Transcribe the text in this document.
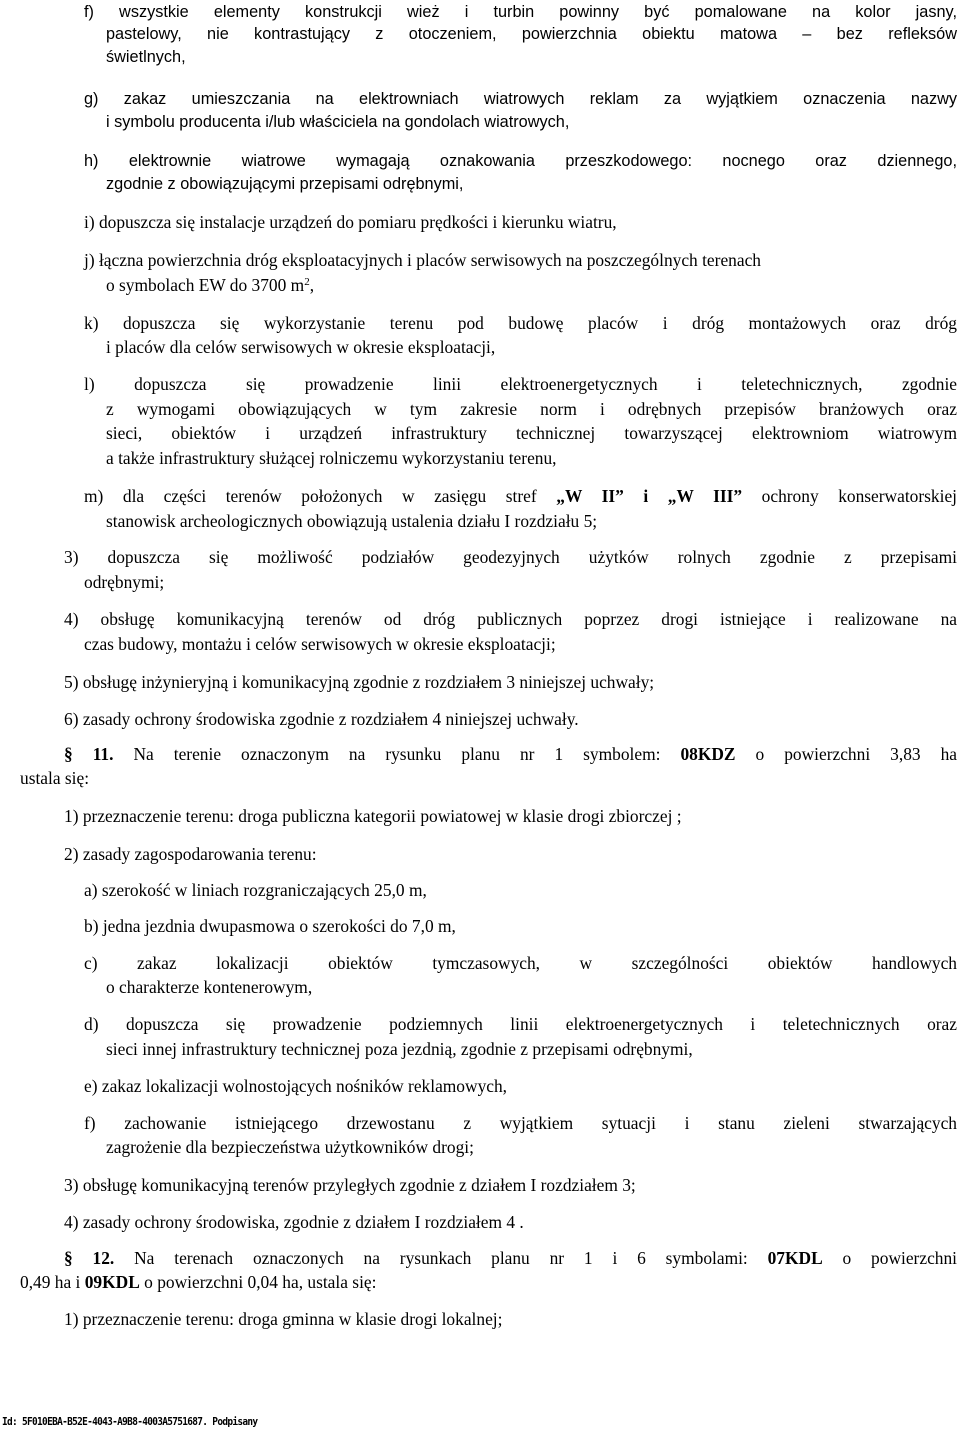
f) wszystkie elementy konstrukcji wież i turbin powinny być pomalowane na kolor jasny,
pastelowy, nie kontrastujący z otoczeniem, powierzchnia obiektu matowa – bez refleksów
świetlnych,
g) zakaz umieszczania na elektrowniach wiatrowych reklam za wyjątkiem oznaczenia nazwy
i symbolu producenta i/lub właściciela na gondolach wiatrowych,
h) elektrownie wiatrowe wymagają oznakowania przeszkodowego: nocnego oraz dziennego,
zgodnie z obowiązującymi przepisami odrębnymi,
i) dopuszcza się instalacje urządzeń do pomiaru prędkości i kierunku wiatru,
j) łączna powierzchnia dróg eksploatacyjnych i placów serwisowych na poszczególnych terenach
o symbolach EW do 3700 $m^2$,
k) dopuszcza się wykorzystanie terenu pod budowę placów i dróg montażowych oraz dróg
i placów dla celów serwisowych w okresie eksploatacji,
l) dopuszcza się prowadzenie linii elektroenergetycznych i teletechnicznych, zgodnie
z wymogami obowiązujących w tym zakresie norm i odrębnych przepisów branżowych oraz
sieci, obiektów i urządzeń infrastruktury technicznej towarzyszącej elektrowniom wiatrowym
a także infrastruktury służącej rolniczemu wykorzystaniu terenu,
m) dla części terenów położonych w zasięgu stref „W II” i „W III” ochrony konserwatorskiej
stanowisk archeologicznych obowiązują ustalenia działu I rozdziału 5;
3) dopuszcza się możliwość podziałów geodezyjnych użytków rolnych zgodnie z przepisami
odrębnymi;
4) obsługę komunikacyjną terenów od dróg publicznych poprzez drogi istniejące i realizowane na
czas budowy, montażu i celów serwisowych w okresie eksploatacji;
5) obsługę inżynieryjną i komunikacyjną zgodnie z rozdziałem 3 niniejszej uchwały;
6) zasady ochrony środowiska zgodnie z rozdziałem 4 niniejszej uchwały.
§ 11. Na terenie oznaczonym na rysunku planu nr 1 symbolem: 08KDZ o powierzchni 3,83 ha
ustala się:
1) przeznaczenie terenu: droga publiczna kategorii powiatowej w klasie drogi zbiorczej ;
2) zasady zagospodarowania terenu:
a) szerokość w liniach rozgraniczających 25,0 m,
b) jedna jezdnia dwupasmowa o szerokości do 7,0 m,
c) zakaz lokalizacji obiektów tymczasowych, w szczególności obiektów handlowych
o charakterze kontenerowym,
d) dopuszcza się prowadzenie podziemnych linii elektroenergetycznych i teletechnicznych oraz
sieci innej infrastruktury technicznej poza jezdnią, zgodnie z przepisami odrębnymi,
e) zakaz lokalizacji wolnostojących nośników reklamowych,
f) zachowanie istniejącego drzewostanu z wyjątkiem sytuacji i stanu zieleni stwarzających
zagrożenie dla bezpieczeństwa użytkowników drogi;
3) obsługę komunikacyjną terenów przyległych zgodnie z działem I rozdziałem 3;
4) zasady ochrony środowiska, zgodnie z działem I rozdziałem 4 .
§ 12. Na terenach oznaczonych na rysunkach planu nr 1 i 6 symbolami: 07KDL o powierzchni
0,49 ha i 09KDL o powierzchni 0,04 ha, ustala się:
1) przeznaczenie terenu: droga gminna w klasie drogi lokalnej;
Id: 5F010EBA-B52E-4043-A9B8-4003A5751687. Podpisany
